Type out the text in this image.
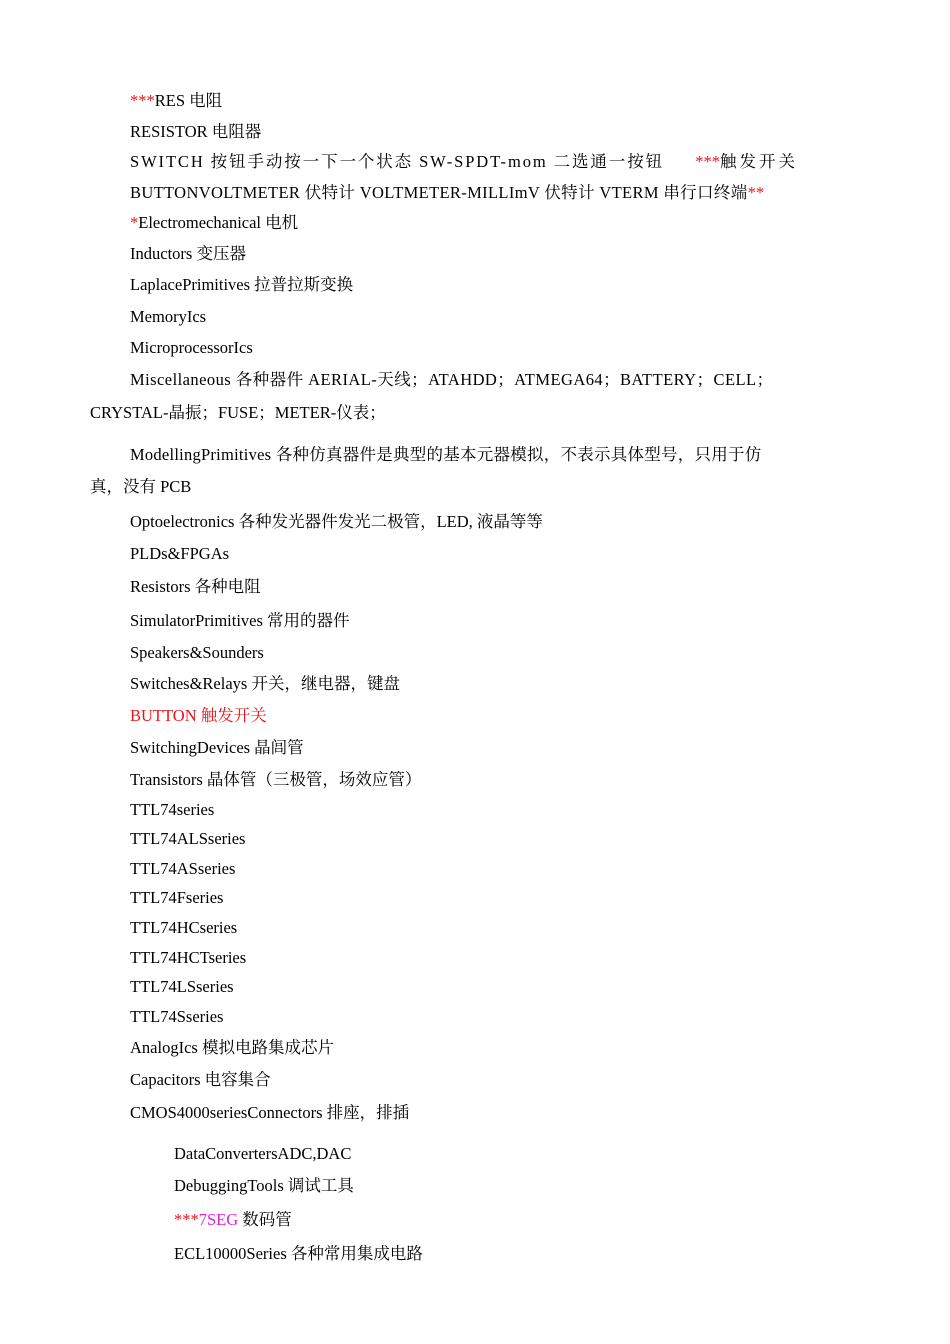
***RES 电阻
RESISTOR 电阻器
SWITCH 按钮手动按一下一个状态 SW-SPDT-mom 二选通一按钮 ***触发开关
BUTTONVOLTMETER 伏特计 VOLTMETER-MILLImV 伏特计 VTERM 串行口终端**
*Electromechanical 电机
Inductors 变压器
LaplacePrimitives 拉普拉斯变换
MemoryIcs
MicroprocessorIcs
Miscellaneous 各种器件 AERIAL-天线；ATAHDD；ATMEGA64；BATTERY；CELL；
CRYSTAL-晶振；FUSE；METER-仪表；
ModellingPrimitives 各种仿真器件是典型的基本元器模拟，不表示具体型号，只用于仿
真，没有 PCB
Optoelectronics 各种发光器件发光二极管，LED, 液晶等等
PLDs&FPGAs
Resistors 各种电阻
SimulatorPrimitives 常用的器件
Speakers&Sounders
Switches&Relays 开关，继电器，键盘
BUTTON 触发开关
SwitchingDevices 晶闾管
Transistors 晶体管（三极管，场效应管）
TTL74series
TTL74ALSseries
TTL74ASseries
TTL74Fseries
TTL74HCseries
TTL74HCTseries
TTL74LSseries
TTL74Sseries
AnalogIcs 模拟电路集成芯片
Capacitors 电容集合
CMOS4000seriesConnectors 排座，排插
DataConvertersADC,DAC
DebuggingTools 调试工具
***7SEG 数码管
ECL10000Series 各种常用集成电路
